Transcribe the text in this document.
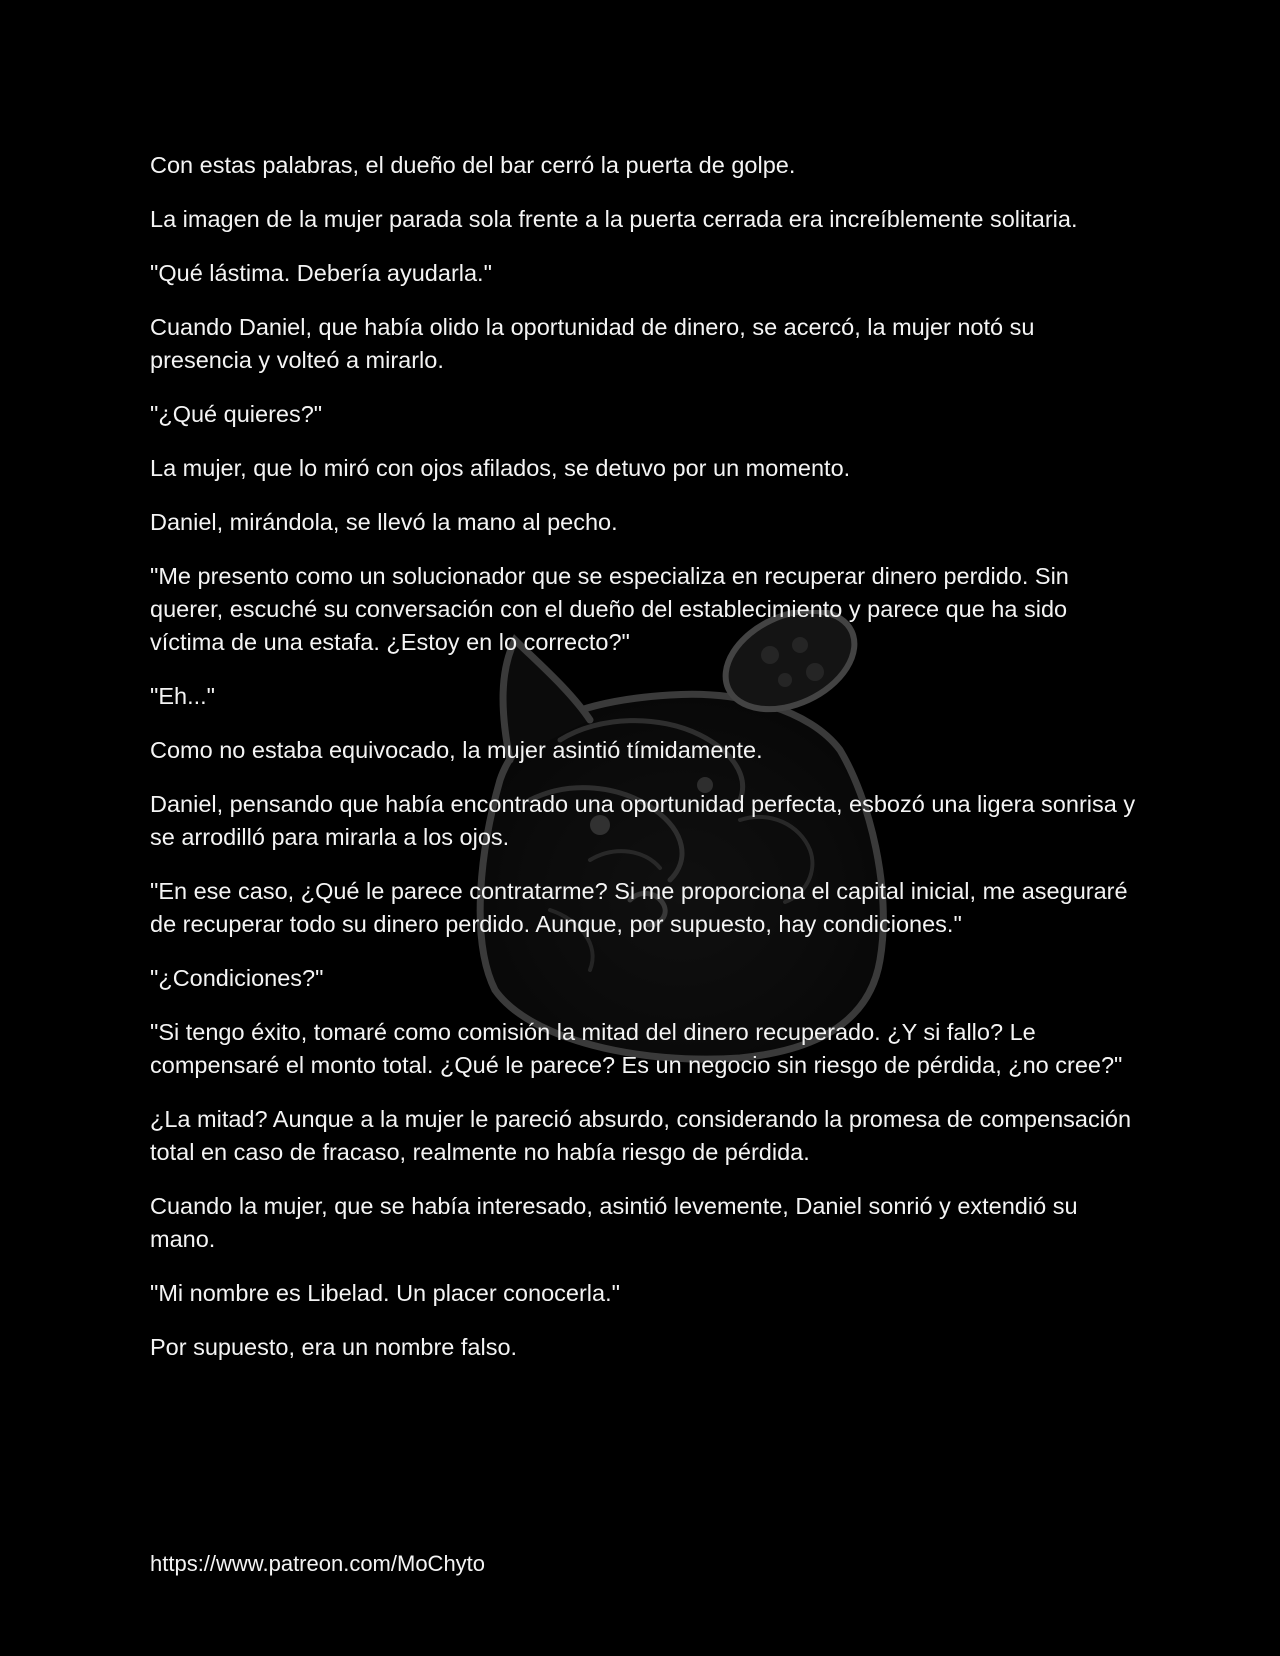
Con estas palabras, el dueño del bar cerró la puerta de golpe.

La imagen de la mujer parada sola frente a la puerta cerrada era increíblemente solitaria.

"Qué lástima. Debería ayudarla."

Cuando Daniel, que había olido la oportunidad de dinero, se acercó, la mujer notó su presencia y volteó a mirarlo.

"¿Qué quieres?"

La mujer, que lo miró con ojos afilados, se detuvo por un momento.

Daniel, mirándola, se llevó la mano al pecho.

"Me presento como un solucionador que se especializa en recuperar dinero perdido. Sin querer, escuché su conversación con el dueño del establecimiento y parece que ha sido víctima de una estafa. ¿Estoy en lo correcto?"

"Eh..."

Como no estaba equivocado, la mujer asintió tímidamente.

Daniel, pensando que había encontrado una oportunidad perfecta, esbozó una ligera sonrisa y se arrodilló para mirarla a los ojos.

"En ese caso, ¿Qué le parece contratarme? Si me proporciona el capital inicial, me aseguraré de recuperar todo su dinero perdido. Aunque, por supuesto, hay condiciones."

"¿Condiciones?"

"Si tengo éxito, tomaré como comisión la mitad del dinero recuperado. ¿Y si fallo? Le compensaré el monto total. ¿Qué le parece? Es un negocio sin riesgo de pérdida, ¿no cree?"

¿La mitad? Aunque a la mujer le pareció absurdo, considerando la promesa de compensación total en caso de fracaso, realmente no había riesgo de pérdida.

Cuando la mujer, que se había interesado, asintió levemente, Daniel sonrió y extendió su mano.

"Mi nombre es Libelad. Un placer conocerla."

Por supuesto, era un nombre falso.

https://www.patreon.com/MoChyto
